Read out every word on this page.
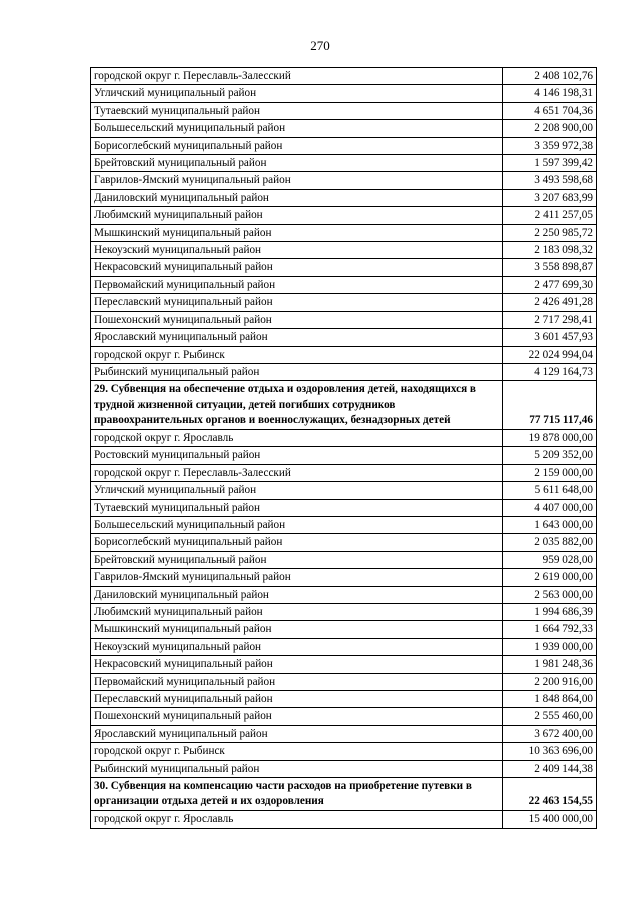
270
городской округ г. Переславль-Залесский	2 408 102,76
Угличский муниципальный район	4 146 198,31
Тутаевский муниципальный район	4 651 704,36
Большесельский муниципальный район	2 208 900,00
Борисоглебский муниципальный район	3 359 972,38
Брейтовский муниципальный район	1 597 399,42
Гаврилов-Ямский муниципальный район	3 493 598,68
Даниловский муниципальный район	3 207 683,99
Любимский муниципальный район	2 411 257,05
Мышкинский муниципальный район	2 250 985,72
Некоузский муниципальный район	2 183 098,32
Некрасовский муниципальный район	3 558 898,87
Первомайский муниципальный район	2 477 699,30
Переславский муниципальный район	2 426 491,28
Пошехонский муниципальный район	2 717 298,41
Ярославский муниципальный район	3 601 457,93
городской округ г. Рыбинск	22 024 994,04
Рыбинский муниципальный район	4 129 164,73
29. Субвенция на обеспечение отдыха и оздоровления детей, находящихся в трудной жизненной ситуации, детей погибших сотрудников правоохранительных органов и военнослужащих, безнадзорных детей	77 715 117,46
городской округ г. Ярославль	19 878 000,00
Ростовский муниципальный район	5 209 352,00
городской округ г. Переславль-Залесский	2 159 000,00
Угличский муниципальный район	5 611 648,00
Тутаевский муниципальный район	4 407 000,00
Большесельский муниципальный район	1 643 000,00
Борисоглебский муниципальный район	2 035 882,00
Брейтовский муниципальный район	959 028,00
Гаврилов-Ямский муниципальный район	2 619 000,00
Даниловский муниципальный район	2 563 000,00
Любимский муниципальный район	1 994 686,39
Мышкинский муниципальный район	1 664 792,33
Некоузский муниципальный район	1 939 000,00
Некрасовский муниципальный район	1 981 248,36
Первомайский муниципальный район	2 200 916,00
Переславский муниципальный район	1 848 864,00
Пошехонский муниципальный район	2 555 460,00
Ярославский муниципальный район	3 672 400,00
городской округ г. Рыбинск	10 363 696,00
Рыбинский муниципальный район	2 409 144,38
30. Субвенция на компенсацию части расходов на приобретение путевки в организации отдыха детей и их оздоровления	22 463 154,55
городской округ г. Ярославль	15 400 000,00
